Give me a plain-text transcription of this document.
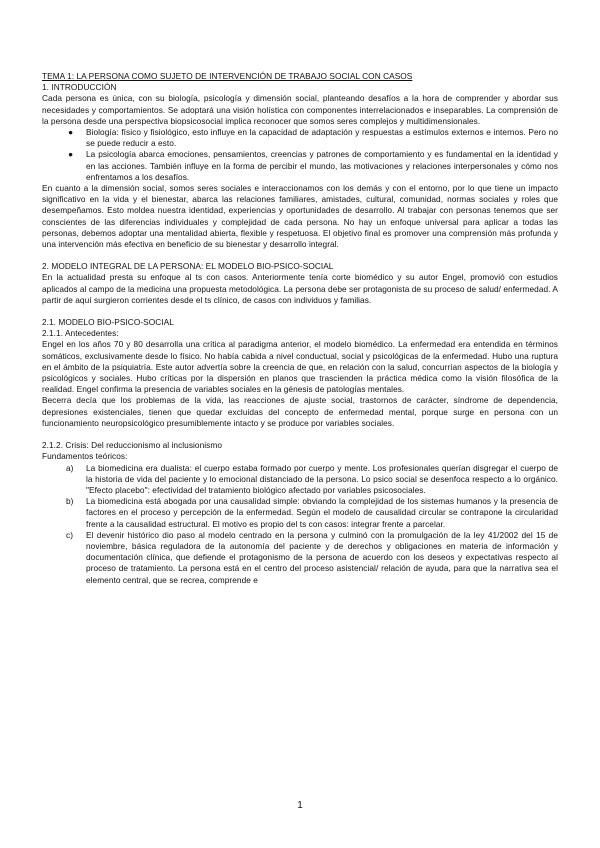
TEMA 1: LA PERSONA COMO SUJETO DE INTERVENCIÓN DE TRABAJO SOCIAL CON CASOS
1. INTRODUCCIÓN

Cada persona es única, con su biología, psicología y dimensión social, planteando desafíos a la hora de comprender y abordar sus necesidades y comportamientos. Se adoptará una visión holística con componentes interrelacionados e inseparables. La comprensión de la persona desde una perspectiva biopsicosocial implica reconocer que somos seres complejos y multidimensionales.

● Biología: físico y fisiológico, esto influye en la capacidad de adaptación y respuestas a estímulos externos e internos. Pero no se puede reducir a esto.
● La psicología abarca emociones, pensamientos, creencias y patrones de comportamiento y es fundamental en la identidad y en las acciones. También influye en la forma de percibir el mundo, las motivaciones y relaciones interpersonales y cómo nos enfrentamos a los desafíos.

En cuanto a la dimensión social, somos seres sociales e interaccionamos con los demás y con el entorno, por lo que tiene un impacto significativo en la vida y el bienestar, abarca las relaciones familiares, amistades, cultural, comunidad, normas sociales y roles que desempeñamos. Esto moldea nuestra identidad, experiencias y oportunidades de desarrollo. Al trabajar con personas tenemos que ser conscientes de las diferencias individuales y complejidad de cada persona. No hay un enfoque universal para aplicar a todas las personas, debemos adoptar una mentalidad abierta, flexible y respetuosa. El objetivo final es promover una comprensión más profunda y una intervención más efectiva en beneficio de su bienestar y desarrollo integral.

2. MODELO INTEGRAL DE LA PERSONA: EL MODELO BIO-PSICO-SOCIAL

En la actualidad presta su enfoque al ts con casos. Anteriormente tenía corte biomédico y su autor Engel, promovió con estudios aplicados al campo de la medicina una propuesta metodológica. La persona debe ser protagonista de su proceso de salud/ enfermedad. A partir de aquí surgieron corrientes desde el ts clínico, de casos con individuos y familias.

2.1. MODELO BIO-PSICO-SOCIAL
2.1.1. Antecedentes:

Engel en los años 70 y 80 desarrolla una crítica al paradigma anterior, el modelo biomédico. La enfermedad era entendida en términos somáticos, exclusivamente desde lo físico. No había cabida a nivel conductual, social y psicológicas de la enfermedad. Hubo una ruptura en el ámbito de la psiquiatría. Este autor advertía sobre la creencia de que, en relación con la salud, concurrían aspectos de la biología y psicológicos y sociales. Hubo críticas por la dispersión en planos que trascienden la práctica médica como la visión filosófica de la realidad. Engel confirma la presencia de variables sociales en la génesis de patologías mentales.

Becerra decía que los problemas de la vida, las reacciones de ajuste social, trastornos de carácter, síndrome de dependencia, depresiones existenciales, tienen que quedar excluidas del concepto de enfermedad mental, porque surge en persona con un funcionamiento neuropsicológico presumiblemente intacto y se produce por variables sociales.

2.1.2. Crisis: Del reduccionismo al inclusionismo
Fundamentos teóricos:
a) La biomedicina era dualista: el cuerpo estaba formado por cuerpo y mente. Los profesionales querían disgregar el cuerpo de la historia de vida del paciente y lo emocional distanciado de la persona. Lo psico social se desenfoca respecto a lo orgánico. "Efecto placebo": efectividad del tratamiento biológico afectado por variables psicosociales.
b) La biomedicina está abogada por una causalidad simple: obviando la complejidad de los sistemas humanos y la presencia de factores en el proceso y percepción de la enfermedad. Según el modelo de causalidad circular se contrapone la circularidad frente a la causalidad estructural. El motivo es propio del ts con casos: integrar frente a parcelar.
c) El devenir histórico dio paso al modelo centrado en la persona y culminó con la promulgación de la ley 41/2002 del 15 de noviembre, básica reguladora de la autonomía del paciente y de derechos y obligaciones en materia de información y documentación clínica, que defiende el protagonismo de la persona de acuerdo con los deseos y expectativas respecto al proceso de tratamiento. La persona está en el centro del proceso asistencial/ relación de ayuda, para que la narrativa sea el elemento central, que se recrea, comprende e
1
